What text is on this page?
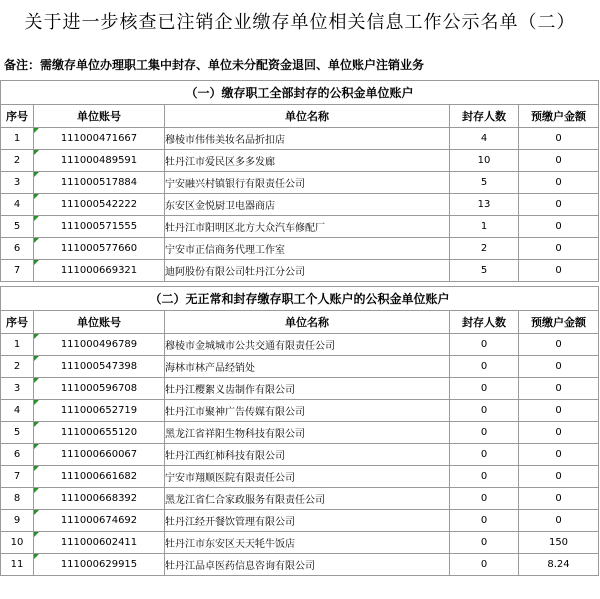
关于进一步核查已注销企业缴存单位相关信息工作公示名单（二）
备注：需缴存单位办理职工集中封存、单位未分配资金退回、单位账户注销业务
（一）缴存职工全部封存的公积金单位账户				
序号	单位账号	单位名称	封存人数	预缴户金额
1	111000471667	穆棱市伟伟美妆名品折扣店	4	0
2	111000489591	牡丹江市爱民区多多发廊	10	0
3	111000517884	宁安融兴村镇银行有限责任公司	5	0
4	111000542222	东安区金悦厨卫电器商店	13	0
5	111000571555	牡丹江市阳明区北方大众汽车修配厂	1	0
6	111000577660	宁安市正信商务代理工作室	2	0
7	111000669321	迪阿股份有限公司牡丹江分公司	5	0
（二）无正常和封存缴存职工个人账户的公积金单位账户				
序号	单位账号	单位名称	封存人数	预缴户金额
1	111000496789	穆棱市金城城市公共交通有限责任公司	0	0
2	111000547398	海林市林产品经销处	0	0
3	111000596708	牡丹江樱絮义齿制作有限公司	0	0
4	111000652719	牡丹江市聚神广告传媒有限公司	0	0
5	111000655120	黑龙江省祥阳生物科技有限公司	0	0
6	111000660067	牡丹江西红柿科技有限公司	0	0
7	111000661682	宁安市翔顺医院有限责任公司	0	0
8	111000668392	黑龙江省仁合家政服务有限责任公司	0	0
9	111000674692	牡丹江经开餐饮管理有限公司	0	0
10	111000602411	牡丹江市东安区天天牦牛饭店	0	150
11	111000629915	牡丹江品卓医药信息咨询有限公司	0	8.24
